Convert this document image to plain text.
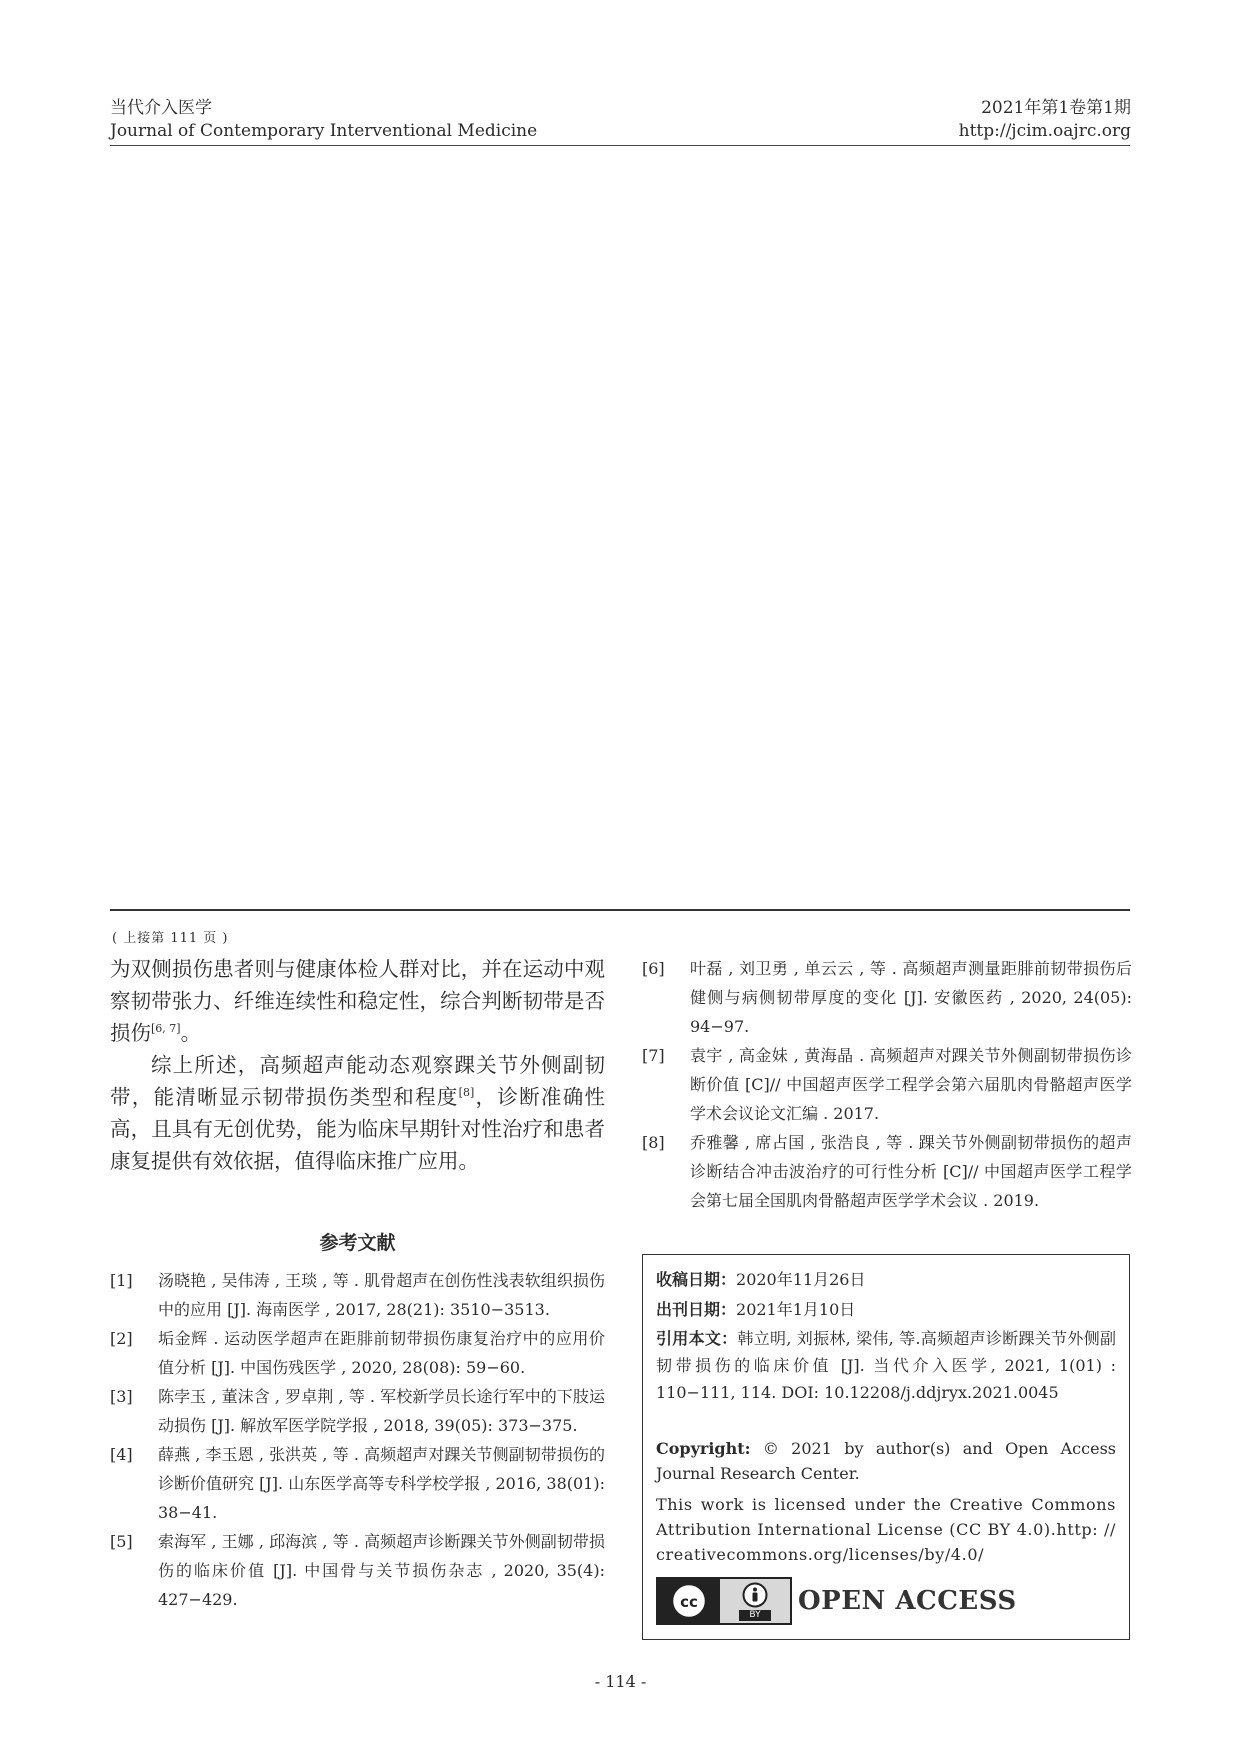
当代介入医学
Journal of Contemporary Interventional Medicine
2021年第1卷第1期
http://jcim.oajrc.org
( 上接第 111 页 )

为双侧损伤患者则与健康体检人群对比，并在运动中观察韧带张力、纤维连续性和稳定性，综合判断韧带是否损伤[6, 7]。

综上所述，高频超声能动态观察踝关节外侧副韧带，能清晰显示韧带损伤类型和程度[8]，诊断准确性高，且具有无创优势，能为临床早期针对性治疗和患者康复提供有效依据，值得临床推广应用。

参考文献
[1]	汤晓艳 , 吴伟涛 , 王琰 , 等 . 肌骨超声在创伤性浅表软组织损伤中的应用 [J]. 海南医学 , 2017, 28(21): 3510−3513.
[2]	垢金辉 . 运动医学超声在距腓前韧带损伤康复治疗中的应用价值分析 [J]. 中国伤残医学 , 2020, 28(08): 59−60.
[3]	陈孛玉 , 董沫含 , 罗卓荆 , 等 . 军校新学员长途行军中的下肢运动损伤 [J]. 解放军医学院学报 , 2018, 39(05): 373−375.
[4]	薛燕 , 李玉恩 , 张洪英 , 等 . 高频超声对踝关节侧副韧带损伤的诊断价值研究 [J]. 山东医学高等专科学校学报 , 2016, 38(01): 38−41.
[5]	索海军 , 王娜 , 邱海滨 , 等 . 高频超声诊断踝关节外侧副韧带损伤的临床价值 [J]. 中国骨与关节损伤杂志 , 2020, 35(4): 427−429.
[6]	叶磊 , 刘卫勇 , 单云云 , 等 . 高频超声测量距腓前韧带损伤后健侧与病侧韧带厚度的变化 [J]. 安徽医药 , 2020, 24(05): 94−97.
[7]	袁宇 , 高金妹 , 黄海晶 . 高频超声对踝关节外侧副韧带损伤诊断价值 [C]// 中国超声医学工程学会第六届肌肉骨骼超声医学学术会议论文汇编 . 2017.
[8]	乔雅馨 , 席占国 , 张浩良 , 等 . 踝关节外侧副韧带损伤的超声诊断结合冲击波治疗的可行性分析 [C]// 中国超声医学工程学会第七届全国肌肉骨骼超声医学学术会议 . 2019.
收稿日期：2020年11月26日
出刊日期：2021年1月10日
引用本文：韩立明, 刘振林, 梁伟, 等.高频超声诊断踝关节外侧副韧带损伤的临床价值 [J]. 当代介入医学, 2021, 1(01) : 110−111, 114. DOI: 10.12208/j.ddjryx.2021.0045
Copyright: © 2021 by author(s) and Open Access Journal Research Center.
This work is licensed under the Creative Commons Attribution International License (CC BY 4.0).http: // creativecommons.org/licenses/by/4.0/
cc
BY	OPEN ACCESS
- 114 -
